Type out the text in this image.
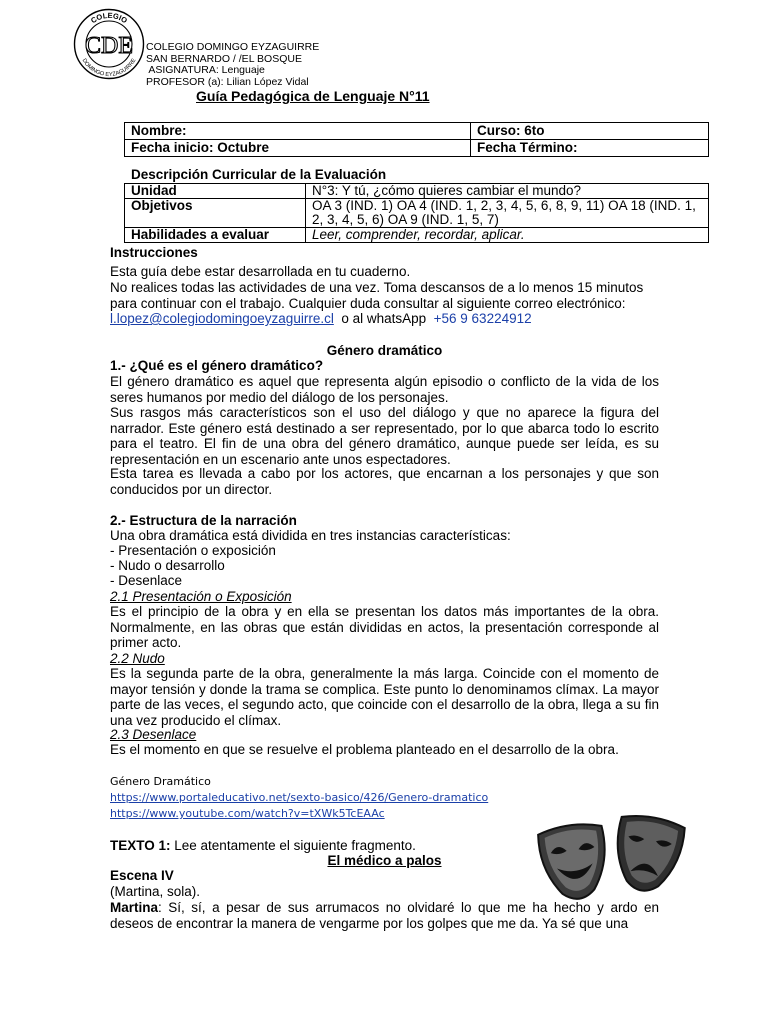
COLEGIO
DOMINGO EYZAGUIRRE
CDE COLEGIO DOMINGO EYZAGUIRRE
SAN BERNARDO / /EL BOSQUE
ASIGNATURA: Lenguaje
PROFESOR (a): Lilian López Vidal
Guía Pedagógica de Lenguaje N°11
Nombre:	Curso: 6to
Fecha inicio: Octubre	Fecha Término:
Descripción Curricular de la Evaluación
Unidad	N°3: Y tú, ¿cómo quieres cambiar el mundo?
Objetivos	OA 3 (IND. 1) OA 4 (IND. 1, 2, 3, 4, 5, 6, 8, 9, 11) OA 18 (IND. 1, 2, 3, 4, 5, 6) OA 9 (IND. 1, 5, 7)
Habilidades a evaluar	Leer, comprender, recordar, aplicar.
Instrucciones
Esta guía debe estar desarrollada en tu cuaderno.
No realices todas las actividades de una vez. Toma descansos de a lo menos 15 minutos para continuar con el trabajo. Cualquier duda consultar al siguiente correo electrónico: l.lopez@colegiodomingoeyzaguirre.cl  o al whatsApp  +56 9 63224912
Género dramático
1.- ¿Qué es el género dramático?
El género dramático es aquel que representa algún episodio o conflicto de la vida de los seres humanos por medio del diálogo de los personajes.
Sus rasgos más característicos son el uso del diálogo y que no aparece la figura del narrador. Este género está destinado a ser representado, por lo que abarca todo lo escrito para el teatro. El fin de una obra del género dramático, aunque puede ser leída, es su representación en un escenario ante unos espectadores.
Esta tarea es llevada a cabo por los actores, que encarnan a los personajes y que son conducidos por un director.
2.- Estructura de la narración
Una obra dramática está dividida en tres instancias características:
- Presentación o exposición
- Nudo o desarrollo
- Desenlace
2.1 Presentación o Exposición
Es el principio de la obra y en ella se presentan los datos más importantes de la obra. Normalmente, en las obras que están divididas en actos, la presentación corresponde al primer acto.
2.2 Nudo
Es la segunda parte de la obra, generalmente la más larga. Coincide con el momento de mayor tensión y donde la trama se complica. Este punto lo denominamos clímax. La mayor parte de las veces, el segundo acto, que coincide con el desarrollo de la obra, llega a su fin una vez producido el clímax.
2.3 Desenlace
Es el momento en que se resuelve el problema planteado en el desarrollo de la obra.
Género Dramático
https://www.portaleducativo.net/sexto-basico/426/Genero-dramatico
https://www.youtube.com/watch?v=tXWk5TcEAAc
TEXTO 1: Lee atentamente el siguiente fragmento.
El médico a palos
Escena IV
(Martina, sola).
Martina: Sí, sí, a pesar de sus arrumacos no olvidaré lo que me ha hecho y ardo en deseos de encontrar la manera de vengarme por los golpes que me da. Ya sé que una
